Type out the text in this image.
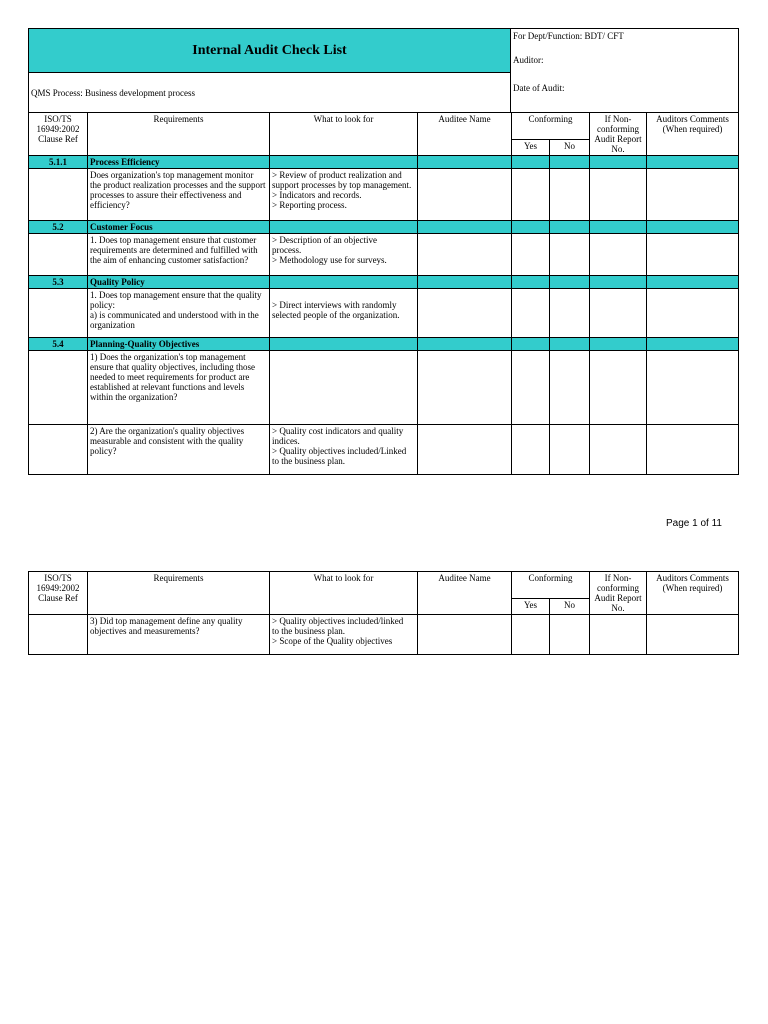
Internal Audit Check List	
For Dept/Function: BDT/ CFT
Auditor:
Date of Audit:

QMS Process: Business development process
ISO/TS
16949:2002
Clause Ref	Requirements	What to look for	Auditee Name	Conforming		If Non-
conforming
Audit Report
No.	Auditors Comments
(When required)

				Yes	No		
5.1.1	Process Efficiency						

	Does organization's top management monitor
the product realization processes and the support
processes to assure their effectiveness and
efficiency?	> Review of product realization and
support processes by top management.
> Indicators and records.
> Reporting process.					

5.2	Customer Focus						

	1. Does top management ensure that customer
requirements are determined and fulfilled with
the aim of enhancing customer satisfaction?	> Description of an objective
process.
> Methodology use for surveys.					

5.3	Quality Policy						

	1. Does top management ensure that the quality
policy:
a) is communicated and understood with in the
organization	> Direct interviews with randomly
selected people of the organization.					

5.4	Planning-Quality Objectives						

	1) Does the organization's top management
ensure that quality objectives, including those
needed to meet requirements for product are
established at relevant functions and levels
within the organization?						

	2) Are the organization's quality objectives
measurable and consistent with the quality
policy?	> Quality cost indicators and quality
indices.
> Quality objectives included/Linked
to the business plan.					

Page 1 of 11
ISO/TS
16949:2002
Clause Ref	Requirements	What to look for	Auditee Name	Conforming		If Non-
conforming
Audit Report
No.	Auditors Comments
(When required)

				Yes	No		

	3) Did top management define any quality
objectives and measurements?	> Quality objectives included/linked
to the business plan.
> Scope of the Quality objectives					
